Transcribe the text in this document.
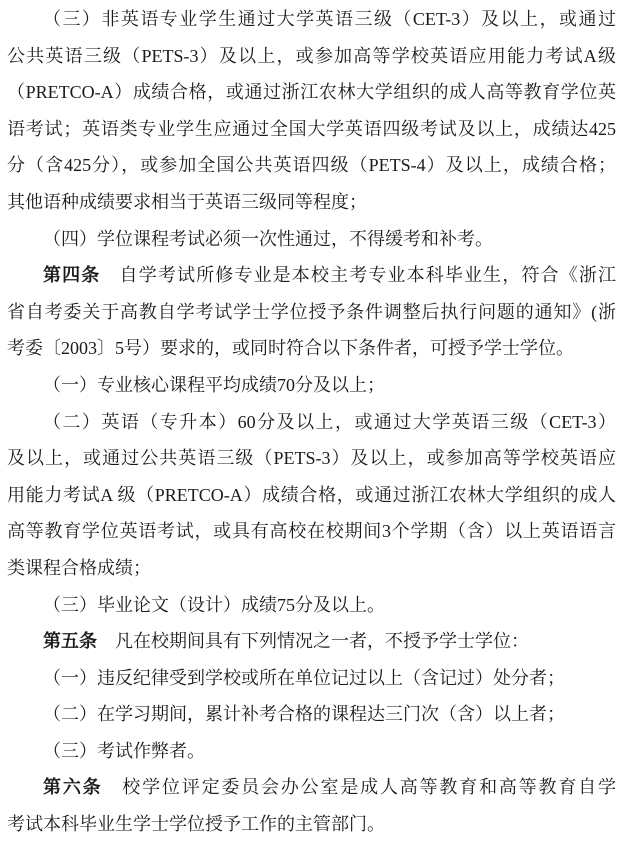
（三）非英语专业学生通过大学英语三级（CET-3）及以上，或通过
公共英语三级（PETS-3）及以上，或参加高等学校英语应用能力考试A级
（PRETCO-A）成绩合格，或通过浙江农林大学组织的成人高等教育学位英
语考试；英语类专业学生应通过全国大学英语四级考试及以上，成绩达425
分（含425分），或参加全国公共英语四级（PETS-4）及以上，成绩合格；
其他语种成绩要求相当于英语三级同等程度；
（四）学位课程考试必须一次性通过，不得缓考和补考。
第四条　自学考试所修专业是本校主考专业本科毕业生，符合《浙江
省自考委关于高教自学考试学士学位授予条件调整后执行问题的通知》(浙
考委〔2003〕5号）要求的，或同时符合以下条件者，可授予学士学位。
（一）专业核心课程平均成绩70分及以上；
（二）英语（专升本）60分及以上，或通过大学英语三级（CET-3）
及以上，或通过公共英语三级（PETS-3）及以上，或参加高等学校英语应
用能力考试A 级（PRETCO-A）成绩合格，或通过浙江农林大学组织的成人
高等教育学位英语考试，或具有高校在校期间3个学期（含）以上英语语言
类课程合格成绩；
（三）毕业论文（设计）成绩75分及以上。
第五条　凡在校期间具有下列情况之一者，不授予学士学位：
（一）违反纪律受到学校或所在单位记过以上（含记过）处分者；
（二）在学习期间，累计补考合格的课程达三门次（含）以上者；
（三）考试作弊者。
第六条　校学位评定委员会办公室是成人高等教育和高等教育自学
考试本科毕业生学士学位授予工作的主管部门。
